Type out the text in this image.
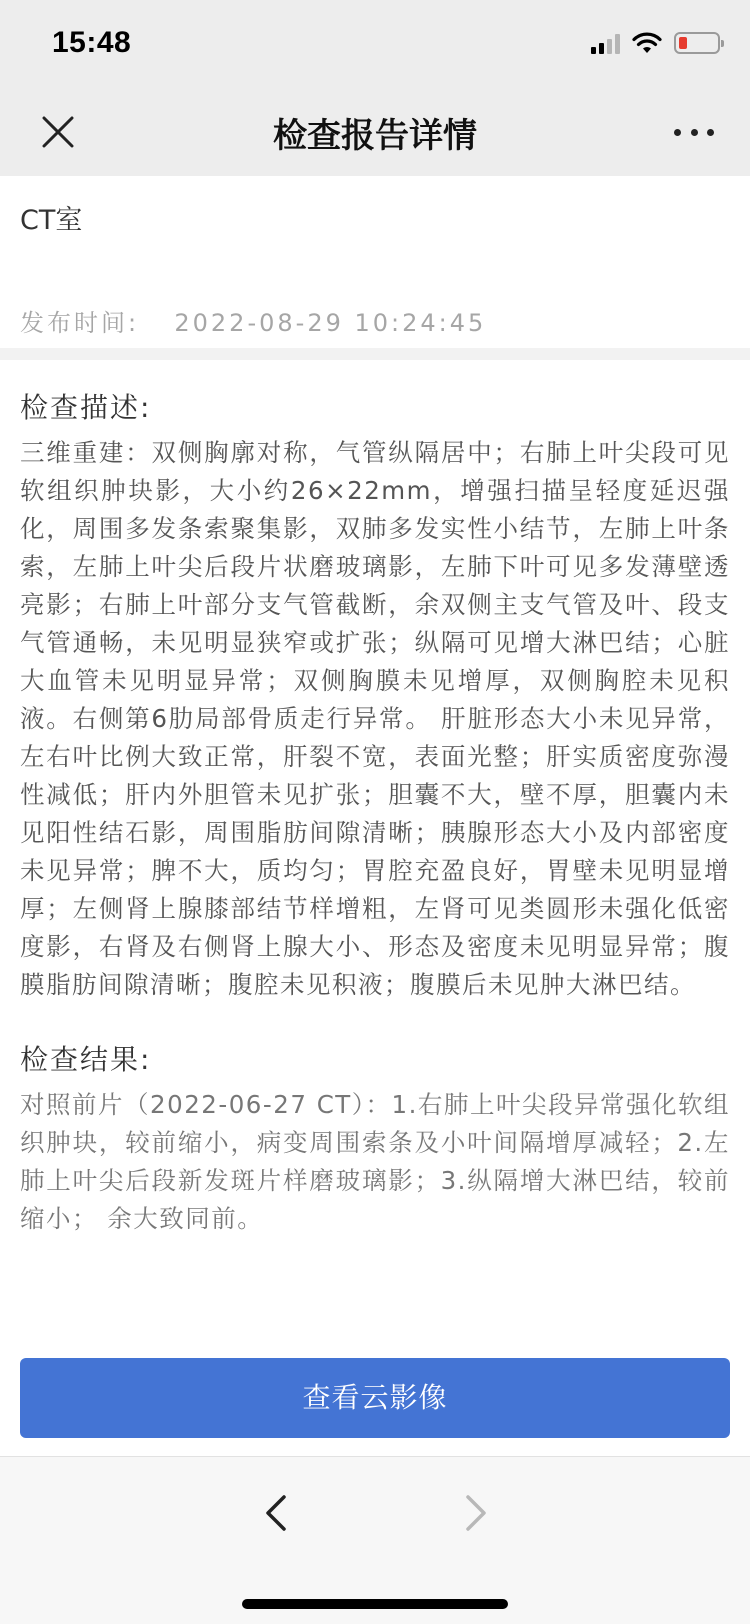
15:48
检查报告详情
CT室
发布时间: 2022-08-29 10:24:45
检查描述:
三维重建：双侧胸廓对称，气管纵隔居中；右肺上叶尖段可见软组织肿块影，大小约26×22mm，增强扫描呈轻度延迟强化，周围多发条索聚集影，双肺多发实性小结节，左肺上叶条索，左肺上叶尖后段片状磨玻璃影，左肺下叶可见多发薄壁透亮影；右肺上叶部分支气管截断，余双侧主支气管及叶、段支气管通畅，未见明显狭窄或扩张；纵隔可见增大淋巴结；心脏大血管未见明显异常；双侧胸膜未见增厚，双侧胸腔未见积液。右侧第6肋局部骨质走行异常。 肝脏形态大小未见异常，左右叶比例大致正常，肝裂不宽，表面光整；肝实质密度弥漫性减低；肝内外胆管未见扩张；胆囊不大，壁不厚，胆囊内未见阳性结石影，周围脂肪间隙清晰；胰腺形态大小及内部密度未见异常；脾不大，质均匀；胃腔充盈良好，胃壁未见明显增厚；左侧肾上腺膝部结节样增粗，左肾可见类圆形未强化低密度影，右肾及右侧肾上腺大小、形态及密度未见明显异常；腹膜脂肪间隙清晰；腹腔未见积液；腹膜后未见肿大淋巴结。
检查结果:
对照前片（2022-06-27 CT）：1.右肺上叶尖段异常强化软组织肿块，较前缩小，病变周围索条及小叶间隔增厚减轻；2.左肺上叶尖后段新发斑片样磨玻璃影；3.纵隔增大淋巴结，较前缩小； 余大致同前。
查看云影像
